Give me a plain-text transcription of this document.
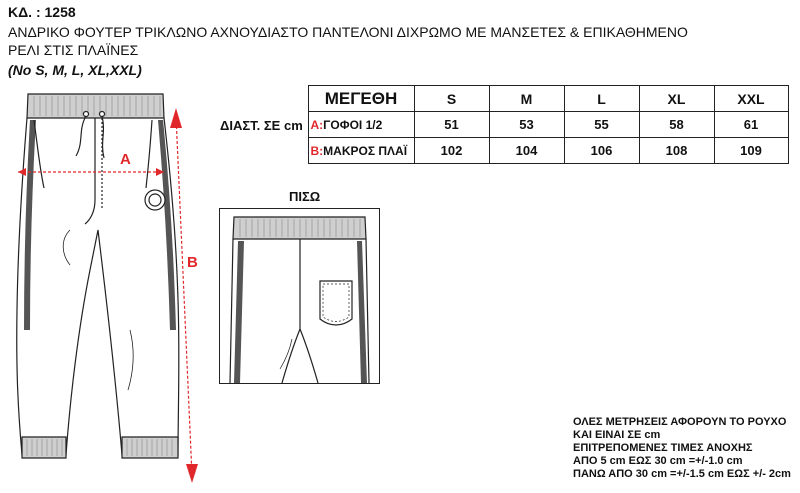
ΚΔ. : 1258
ΑΝΔΡΙΚΟ ΦΟΥΤΕΡ ΤΡΙΚΛΩΝΟ ΑΧΝΟΥΔΙΑΣΤΟ ΠΑΝΤΕΛΟΝΙ ΔΙΧΡΩΜΟ ΜΕ ΜΑΝΣΕΤΕΣ & ΕΠΙΚΑΘΗΜΕΝΟ
ΡΕΛΙ ΣΤΙΣ ΠΛΑΪΝΕΣ
(No S, M, L, XL,XXL)
A
B
	ΜΕΓΕΘΗ	S	M	L	XL	XXL
ΔΙΑΣΤ. ΣΕ cm	A:ΓΟΦΟΙ 1/2	51	53	55	58	61
	B:ΜΑΚΡΟΣ ΠΛΑΪ	102	104	106	108	109
ΠΙΣΩ
ΟΛΕΣ ΜΕΤΡΗΣΕΙΣ ΑΦΟΡΟΥΝ ΤΟ ΡΟΥΧΟ
ΚΑΙ ΕΙΝΑΙ ΣΕ cm
ΕΠΙΤΡΕΠΟΜΕΝΕΣ ΤΙΜΕΣ ΑΝΟΧΗΣ
ΑΠΟ 5 cm ΕΩΣ 30 cm =+/-1.0 cm
ΠΑΝΩ ΑΠΟ 30 cm =+/-1.5 cm ΕΩΣ +/- 2cm
